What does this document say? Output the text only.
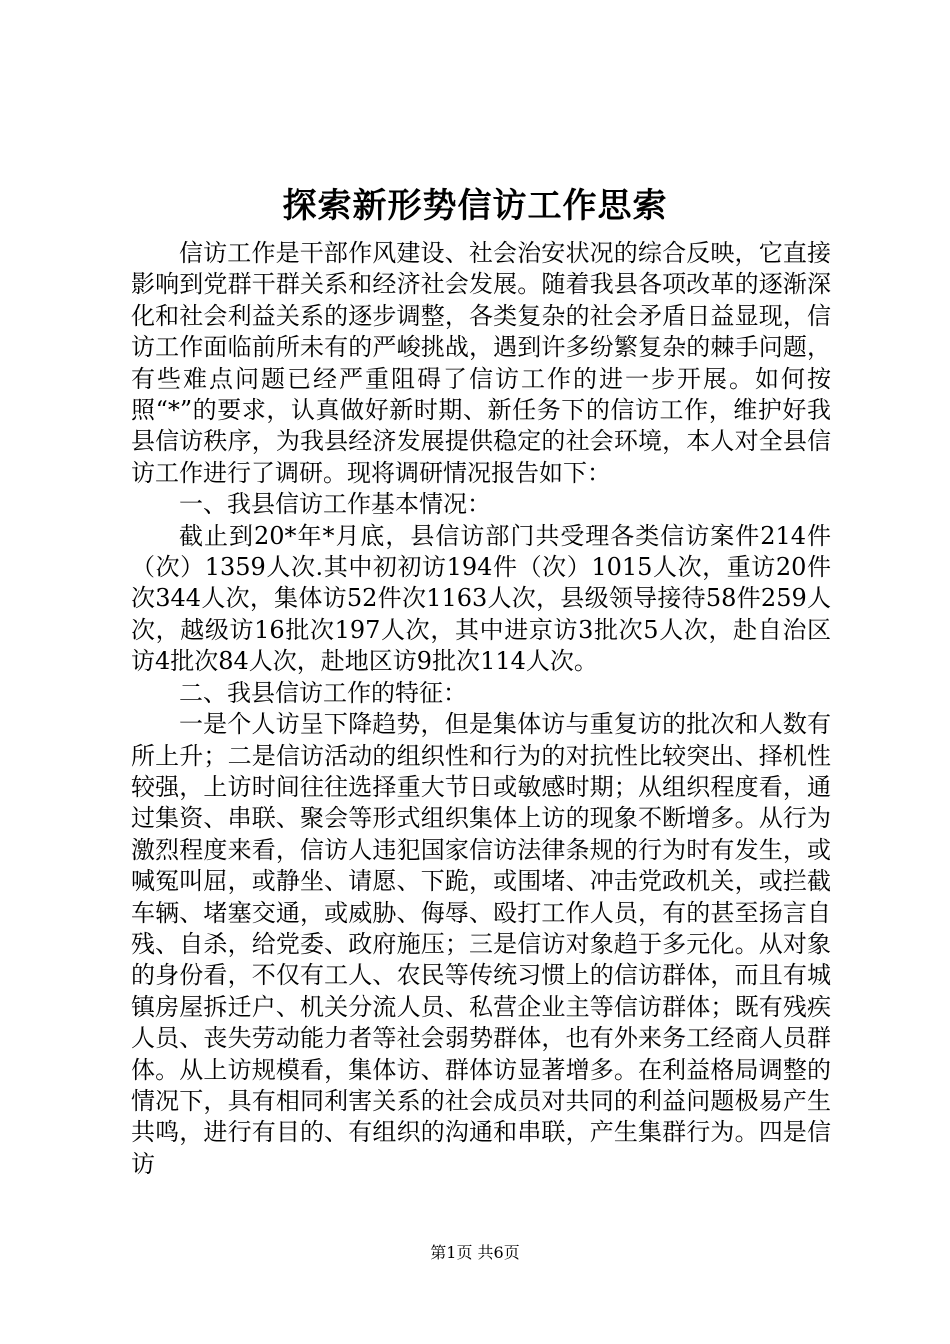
探索新形势信访工作思索

信访工作是干部作风建设、社会治安状况的综合反映，它直接影响到党群干群关系和经济社会发展。随着我县各项改革的逐渐深化和社会利益关系的逐步调整，各类复杂的社会矛盾日益显现，信访工作面临前所未有的严峻挑战，遇到许多纷繁复杂的棘手问题，有些难点问题已经严重阻碍了信访工作的进一步开展。如何按照“*”的要求，认真做好新时期、新任务下的信访工作，维护好我县信访秩序，为我县经济发展提供稳定的社会环境，本人对全县信访工作进行了调研。现将调研情况报告如下：

一、我县信访工作基本情况：

截止到20*年*月底，县信访部门共受理各类信访案件214件（次）1359人次.其中初初访194件（次）1015人次，重访20件次344人次，集体访52件次1163人次，县级领导接待58件259人次，越级访16批次197人次，其中进京访3批次5人次，赴自治区访4批次84人次，赴地区访9批次114人次。

二、我县信访工作的特征：

一是个人访呈下降趋势，但是集体访与重复访的批次和人数有所上升；二是信访活动的组织性和行为的对抗性比较突出、择机性较强，上访时间往往选择重大节日或敏感时期；从组织程度看，通过集资、串联、聚会等形式组织集体上访的现象不断增多。从行为激烈程度来看，信访人违犯国家信访法律条规的行为时有发生，或喊冤叫屈，或静坐、请愿、下跪，或围堵、冲击党政机关，或拦截车辆、堵塞交通，或威胁、侮辱、殴打工作人员，有的甚至扬言自残、自杀，给党委、政府施压；三是信访对象趋于多元化。从对象的身份看，不仅有工人、农民等传统习惯上的信访群体，而且有城镇房屋拆迁户、机关分流人员、私营企业主等信访群体；既有残疾人员、丧失劳动能力者等社会弱势群体，也有外来务工经商人员群体。从上访规模看，集体访、群体访显著增多。在利益格局调整的情况下，具有相同利害关系的社会成员对共同的利益问题极易产生共鸣，进行有目的、有组织的沟通和串联，产生集群行为。四是信访

第1页 共6页
